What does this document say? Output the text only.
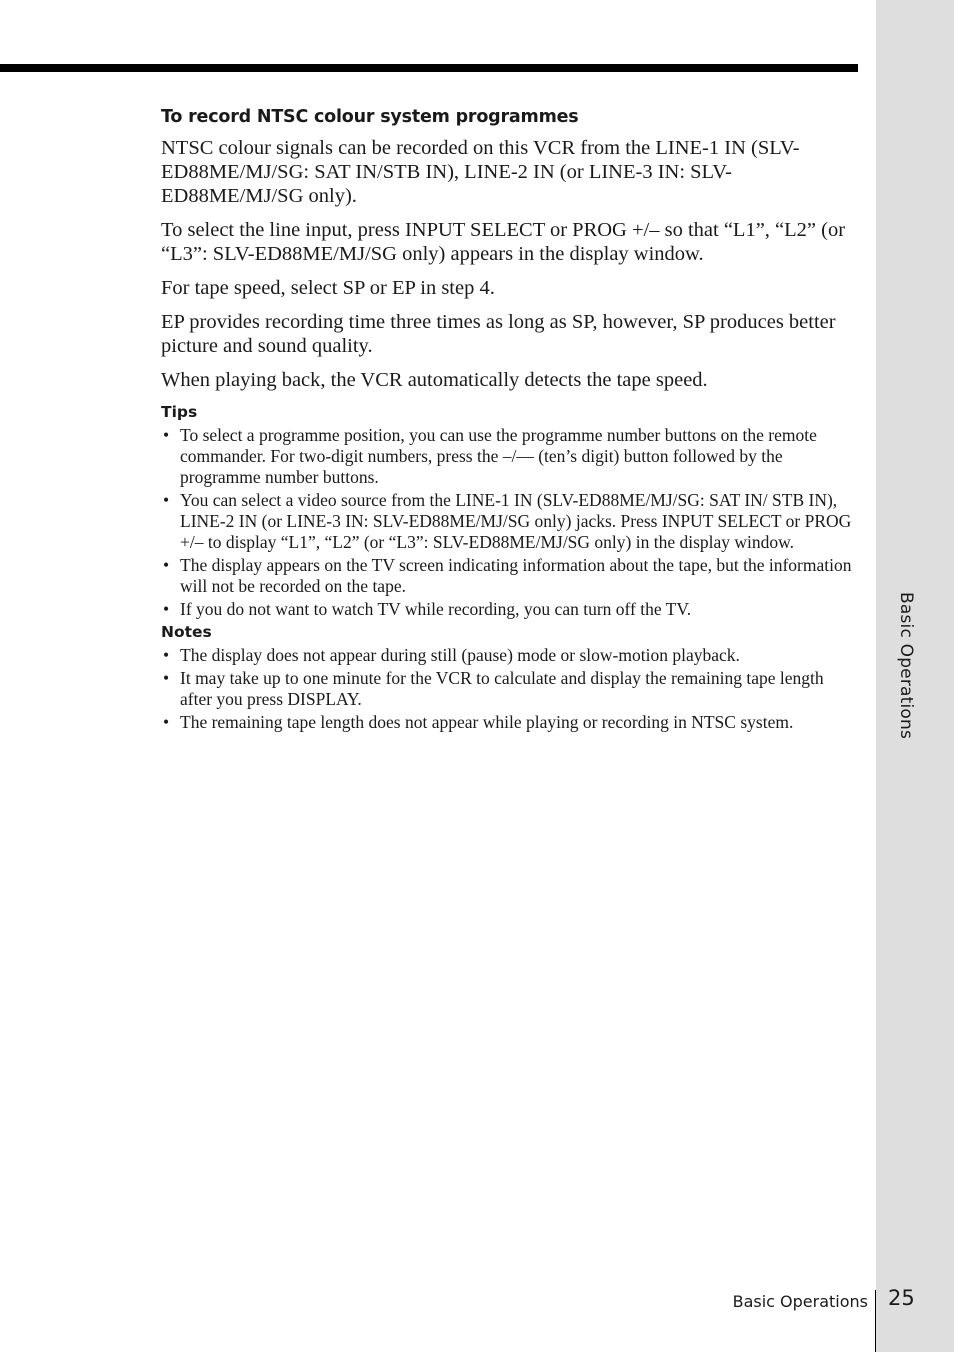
Basic Operations
To record NTSC colour system programmes

NTSC colour signals can be recorded on this VCR from the LINE-1 IN (SLV-ED88ME/MJ/SG: SAT IN/STB IN), LINE-2 IN (or LINE-3 IN: SLV-ED88ME/MJ/SG only).

To select the line input, press INPUT SELECT or PROG +/– so that “L1”, “L2” (or “L3”: SLV-ED88ME/MJ/SG only) appears in the display window.

For tape speed, select SP or EP in step 4.

EP provides recording time three times as long as SP, however, SP produces better picture and sound quality.

When playing back, the VCR automatically detects the tape speed.

Tips
• To select a programme position, you can use the programme number buttons on the remote commander. For two-digit numbers, press the –/–– (ten’s digit) button followed by the programme number buttons.
• You can select a video source from the LINE-1 IN (SLV-ED88ME/MJ/SG: SAT IN/ STB IN), LINE-2 IN (or LINE-3 IN: SLV-ED88ME/MJ/SG only) jacks. Press INPUT SELECT or PROG +/– to display “L1”, “L2” (or “L3”: SLV-ED88ME/MJ/SG only) in the display window.
• The display appears on the TV screen indicating information about the tape, but the information will not be recorded on the tape.
• If you do not want to watch TV while recording, you can turn off the TV.
Notes
• The display does not appear during still (pause) mode or slow-motion playback.
• It may take up to one minute for the VCR to calculate and display the remaining tape length after you press DISPLAY.
• The remaining tape length does not appear while playing or recording in NTSC system.
Basic Operations 25
